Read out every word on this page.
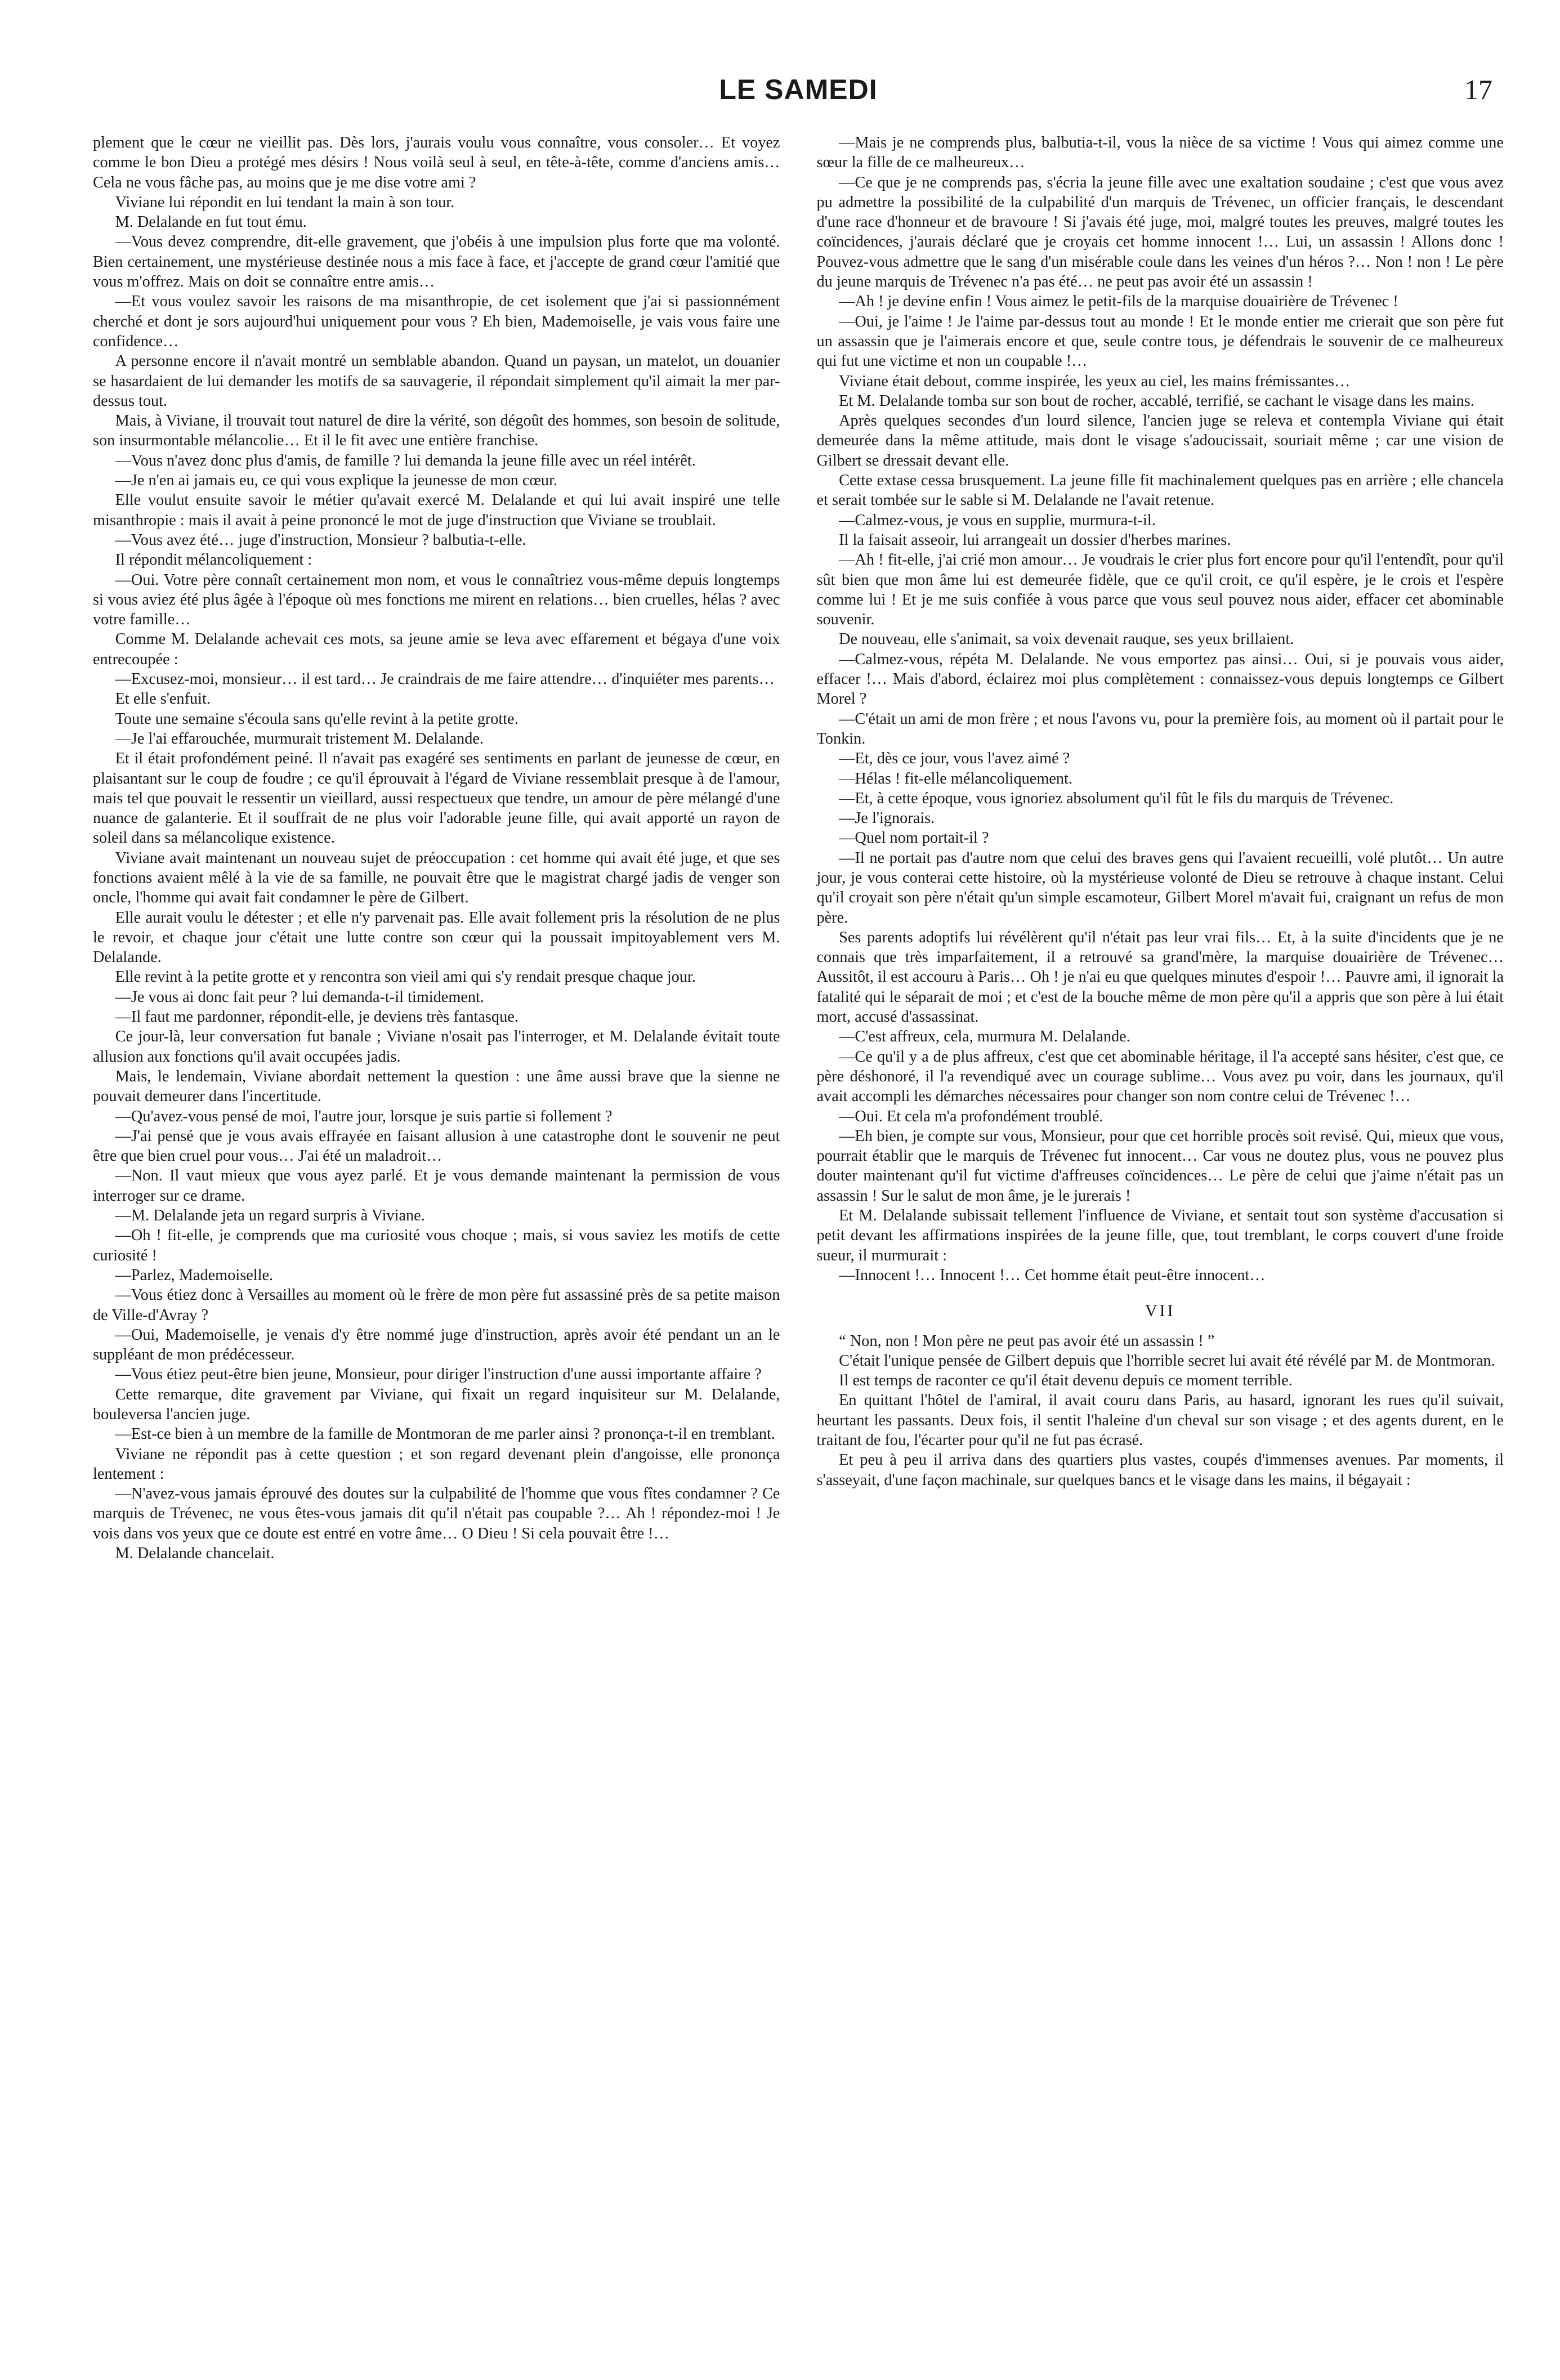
LE SAMEDI	17

plement que le cœur ne vieillit pas. Dès lors, j'aurais voulu vous connaître, vous consoler… Et voyez comme le bon Dieu a protégé mes désirs ! Nous voilà seul à seul, en tête-à-tête, comme d'anciens amis… Cela ne vous fâche pas, au moins que je me dise votre ami ?

Viviane lui répondit en lui tendant la main à son tour.

M. Delalande en fut tout ému.

—Vous devez comprendre, dit-elle gravement, que j'obéis à une impulsion plus forte que ma volonté. Bien certainement, une mystérieuse destinée nous a mis face à face, et j'accepte de grand cœur l'amitié que vous m'offrez. Mais on doit se connaître entre amis…

—Et vous voulez savoir les raisons de ma misanthropie, de cet isolement que j'ai si passionnément cherché et dont je sors aujourd'hui uniquement pour vous ? Eh bien, Mademoiselle, je vais vous faire une confidence…

A personne encore il n'avait montré un semblable abandon. Quand un paysan, un matelot, un douanier se hasardaient de lui demander les motifs de sa sauvagerie, il répondait simplement qu'il aimait la mer par-dessus tout.

Mais, à Viviane, il trouvait tout naturel de dire la vérité, son dégoût des hommes, son besoin de solitude, son insurmontable mélancolie… Et il le fit avec une entière franchise.

—Vous n'avez donc plus d'amis, de famille ? lui demanda la jeune fille avec un réel intérêt.

—Je n'en ai jamais eu, ce qui vous explique la jeunesse de mon cœur.

Elle voulut ensuite savoir le métier qu'avait exercé M. Delalande et qui lui avait inspiré une telle misanthropie : mais il avait à peine prononcé le mot de juge d'instruction que Viviane se troublait.

—Vous avez été… juge d'instruction, Monsieur ? balbutia-t-elle.

Il répondit mélancoliquement :

—Oui. Votre père connaît certainement mon nom, et vous le connaîtriez vous-même depuis longtemps si vous aviez été plus âgée à l'époque où mes fonctions me mirent en relations… bien cruelles, hélas ? avec votre famille…

Comme M. Delalande achevait ces mots, sa jeune amie se leva avec effarement et bégaya d'une voix entrecoupée :

—Excusez-moi, monsieur… il est tard… Je craindrais de me faire attendre… d'inquiéter mes parents…

Et elle s'enfuit.

Toute une semaine s'écoula sans qu'elle revint à la petite grotte.

—Je l'ai effarouchée, murmurait tristement M. Delalande.

Et il était profondément peiné. Il n'avait pas exagéré ses sentiments en parlant de jeunesse de cœur, en plaisantant sur le coup de foudre ; ce qu'il éprouvait à l'égard de Viviane ressemblait presque à de l'amour, mais tel que pouvait le ressentir un vieillard, aussi respectueux que tendre, un amour de père mélangé d'une nuance de galanterie. Et il souffrait de ne plus voir l'adorable jeune fille, qui avait apporté un rayon de soleil dans sa mélancolique existence.

Viviane avait maintenant un nouveau sujet de préoccupation : cet homme qui avait été juge, et que ses fonctions avaient mêlé à la vie de sa famille, ne pouvait être que le magistrat chargé jadis de venger son oncle, l'homme qui avait fait condamner le père de Gilbert.

Elle aurait voulu le détester ; et elle n'y parvenait pas. Elle avait follement pris la résolution de ne plus le revoir, et chaque jour c'était une lutte contre son cœur qui la poussait impitoyablement vers M. Delalande.

Elle revint à la petite grotte et y rencontra son vieil ami qui s'y rendait presque chaque jour.

—Je vous ai donc fait peur ? lui demanda-t-il timidement.

—Il faut me pardonner, répondit-elle, je deviens très fantasque.

Ce jour-là, leur conversation fut banale ; Viviane n'osait pas l'interroger, et M. Delalande évitait toute allusion aux fonctions qu'il avait occupées jadis.

Mais, le lendemain, Viviane abordait nettement la question : une âme aussi brave que la sienne ne pouvait demeurer dans l'incertitude.

—Qu'avez-vous pensé de moi, l'autre jour, lorsque je suis partie si follement ?

—J'ai pensé que je vous avais effrayée en faisant allusion à une catastrophe dont le souvenir ne peut être que bien cruel pour vous… J'ai été un maladroit…

—Non. Il vaut mieux que vous ayez parlé. Et je vous demande maintenant la permission de vous interroger sur ce drame.

—M. Delalande jeta un regard surpris à Viviane.

—Oh ! fit-elle, je comprends que ma curiosité vous choque ; mais, si vous saviez les motifs de cette curiosité !

—Parlez, Mademoiselle.

—Vous étiez donc à Versailles au moment où le frère de mon père fut assassiné près de sa petite maison de Ville-d'Avray ?

—Oui, Mademoiselle, je venais d'y être nommé juge d'instruction, après avoir été pendant un an le suppléant de mon prédécesseur.

—Vous étiez peut-être bien jeune, Monsieur, pour diriger l'instruction d'une aussi importante affaire ?

Cette remarque, dite gravement par Viviane, qui fixait un regard inquisiteur sur M. Delalande, bouleversa l'ancien juge.

—Est-ce bien à un membre de la famille de Montmoran de me parler ainsi ? prononça-t-il en tremblant.

Viviane ne répondit pas à cette question ; et son regard devenant plein d'angoisse, elle prononça lentement :

—N'avez-vous jamais éprouvé des doutes sur la culpabilité de l'homme que vous fîtes condamner ? Ce marquis de Trévenec, ne vous êtes-vous jamais dit qu'il n'était pas coupable ?… Ah ! répondez-moi ! Je vois dans vos yeux que ce doute est entré en votre âme… O Dieu ! Si cela pouvait être !…

M. Delalande chancelait.

—Mais je ne comprends plus, balbutia-t-il, vous la nièce de sa victime ! Vous qui aimez comme une sœur la fille de ce malheureux…

—Ce que je ne comprends pas, s'écria la jeune fille avec une exaltation soudaine ; c'est que vous avez pu admettre la possibilité de la culpabilité d'un marquis de Trévenec, un officier français, le descendant d'une race d'honneur et de bravoure ! Si j'avais été juge, moi, malgré toutes les preuves, malgré toutes les coïncidences, j'aurais déclaré que je croyais cet homme innocent !… Lui, un assassin ! Allons donc ! Pouvez-vous admettre que le sang d'un misérable coule dans les veines d'un héros ?… Non ! non ! Le père du jeune marquis de Trévenec n'a pas été… ne peut pas avoir été un assassin !

—Ah ! je devine enfin ! Vous aimez le petit-fils de la marquise douairière de Trévenec !

—Oui, je l'aime ! Je l'aime par-dessus tout au monde ! Et le monde entier me crierait que son père fut un assassin que je l'aimerais encore et que, seule contre tous, je défendrais le souvenir de ce malheureux qui fut une victime et non un coupable !…

Viviane était debout, comme inspirée, les yeux au ciel, les mains frémissantes…

Et M. Delalande tomba sur son bout de rocher, accablé, terrifié, se cachant le visage dans les mains.

Après quelques secondes d'un lourd silence, l'ancien juge se releva et contempla Viviane qui était demeurée dans la même attitude, mais dont le visage s'adoucissait, souriait même ; car une vision de Gilbert se dressait devant elle.

Cette extase cessa brusquement. La jeune fille fit machinalement quelques pas en arrière ; elle chancela et serait tombée sur le sable si M. Delalande ne l'avait retenue.

—Calmez-vous, je vous en supplie, murmura-t-il.

Il la faisait asseoir, lui arrangeait un dossier d'herbes marines.

—Ah ! fit-elle, j'ai crié mon amour… Je voudrais le crier plus fort encore pour qu'il l'entendît, pour qu'il sût bien que mon âme lui est demeurée fidèle, que ce qu'il croit, ce qu'il espère, je le crois et l'espère comme lui ! Et je me suis confiée à vous parce que vous seul pouvez nous aider, effacer cet abominable souvenir.

De nouveau, elle s'animait, sa voix devenait rauque, ses yeux brillaient.

—Calmez-vous, répéta M. Delalande. Ne vous emportez pas ainsi… Oui, si je pouvais vous aider, effacer !… Mais d'abord, éclairez moi plus complètement : connaissez-vous depuis longtemps ce Gilbert Morel ?

—C'était un ami de mon frère ; et nous l'avons vu, pour la première fois, au moment où il partait pour le Tonkin.

—Et, dès ce jour, vous l'avez aimé ?

—Hélas ! fit-elle mélancoliquement.

—Et, à cette époque, vous ignoriez absolument qu'il fût le fils du marquis de Trévenec.

—Je l'ignorais.

—Quel nom portait-il ?

—Il ne portait pas d'autre nom que celui des braves gens qui l'avaient recueilli, volé plutôt… Un autre jour, je vous conterai cette histoire, où la mystérieuse volonté de Dieu se retrouve à chaque instant. Celui qu'il croyait son père n'était qu'un simple escamoteur, Gilbert Morel m'avait fui, craignant un refus de mon père.

Ses parents adoptifs lui révélèrent qu'il n'était pas leur vrai fils… Et, à la suite d'incidents que je ne connais que très imparfaitement, il a retrouvé sa grand'mère, la marquise douairière de Trévenec… Aussitôt, il est accouru à Paris… Oh ! je n'ai eu que quelques minutes d'espoir !… Pauvre ami, il ignorait la fatalité qui le séparait de moi ; et c'est de la bouche même de mon père qu'il a appris que son père à lui était mort, accusé d'assassinat.

—C'est affreux, cela, murmura M. Delalande.

—Ce qu'il y a de plus affreux, c'est que cet abominable héritage, il l'a accepté sans hésiter, c'est que, ce père déshonoré, il l'a revendiqué avec un courage sublime… Vous avez pu voir, dans les journaux, qu'il avait accompli les démarches nécessaires pour changer son nom contre celui de Trévenec !…

—Oui. Et cela m'a profondément troublé.

—Eh bien, je compte sur vous, Monsieur, pour que cet horrible procès soit revisé. Qui, mieux que vous, pourrait établir que le marquis de Trévenec fut innocent… Car vous ne doutez plus, vous ne pouvez plus douter maintenant qu'il fut victime d'affreuses coïncidences… Le père de celui que j'aime n'était pas un assassin ! Sur le salut de mon âme, je le jurerais !

Et M. Delalande subissait tellement l'influence de Viviane, et sentait tout son système d'accusation si petit devant les affirmations inspirées de la jeune fille, que, tout tremblant, le corps couvert d'une froide sueur, il murmurait :

—Innocent !… Innocent !… Cet homme était peut-être innocent…

VII

“ Non, non ! Mon père ne peut pas avoir été un assassin ! ”

C'était l'unique pensée de Gilbert depuis que l'horrible secret lui avait été révélé par M. de Montmoran.

Il est temps de raconter ce qu'il était devenu depuis ce moment terrible.

En quittant l'hôtel de l'amiral, il avait couru dans Paris, au hasard, ignorant les rues qu'il suivait, heurtant les passants. Deux fois, il sentit l'haleine d'un cheval sur son visage ; et des agents durent, en le traitant de fou, l'écarter pour qu'il ne fut pas écrasé.

Et peu à peu il arriva dans des quartiers plus vastes, coupés d'immenses avenues. Par moments, il s'asseyait, d'une façon machinale, sur quelques bancs et le visage dans les mains, il bégayait :
